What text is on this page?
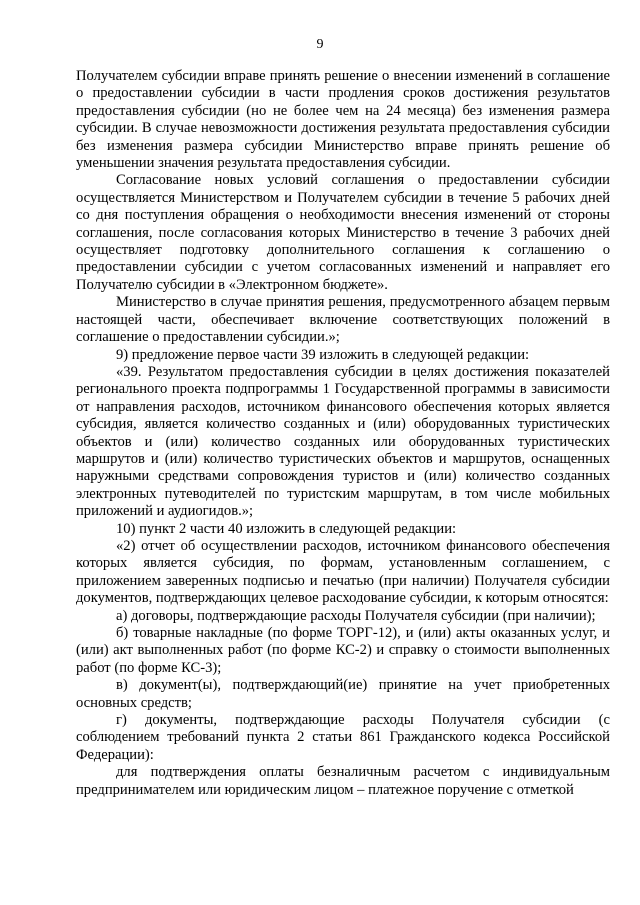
9

Получателем субсидии вправе принять решение о внесении изменений в соглашение о предоставлении субсидии в части продления сроков достижения результатов предоставления субсидии (но не более чем на 24 месяца) без изменения размера субсидии. В случае невозможности достижения результата предоставления субсидии без изменения размера субсидии Министерство вправе принять решение об уменьшении значения результата предоставления субсидии.

Согласование новых условий соглашения о предоставлении субсидии осуществляется Министерством и Получателем субсидии в течение 5 рабочих дней со дня поступления обращения о необходимости внесения изменений от стороны соглашения, после согласования которых Министерство в течение 3 рабочих дней осуществляет подготовку дополнительного соглашения к соглашению о предоставлении субсидии с учетом согласованных изменений и направляет его Получателю субсидии в «Электронном бюджете».

Министерство в случае принятия решения, предусмотренного абзацем первым настоящей части, обеспечивает включение соответствующих положений в соглашение о предоставлении субсидии.»;

9) предложение первое части 39 изложить в следующей редакции:

«39. Результатом предоставления субсидии в целях достижения показателей регионального проекта подпрограммы 1 Государственной программы в зависимости от направления расходов, источником финансового обеспечения которых является субсидия, является количество созданных и (или) оборудованных туристических объектов и (или) количество созданных или оборудованных туристических маршрутов и (или) количество туристических объектов и маршрутов, оснащенных наружными средствами сопровождения туристов и (или) количество созданных электронных путеводителей по туристским маршрутам, в том числе мобильных приложений и аудиогидов.»;

10) пункт 2 части 40 изложить в следующей редакции:

«2) отчет об осуществлении расходов, источником финансового обеспечения которых является субсидия, по формам, установленным соглашением, с приложением заверенных подписью и печатью (при наличии) Получателя субсидии документов, подтверждающих целевое расходование субсидии, к которым относятся:

а) договоры, подтверждающие расходы Получателя субсидии (при наличии);

б) товарные накладные (по форме ТОРГ-12), и (или) акты оказанных услуг, и (или) акт выполненных работ (по форме КС-2) и справку о стоимости выполненных работ (по форме КС-3);

в) документ(ы), подтверждающий(ие) принятие на учет приобретенных основных средств;

г) документы, подтверждающие расходы Получателя субсидии (с соблюдением требований пункта 2 статьи 861 Гражданского кодекса Российской Федерации):

для подтверждения оплаты безналичным расчетом с индивидуальным предпринимателем или юридическим лицом – платежное поручение с отметкой
